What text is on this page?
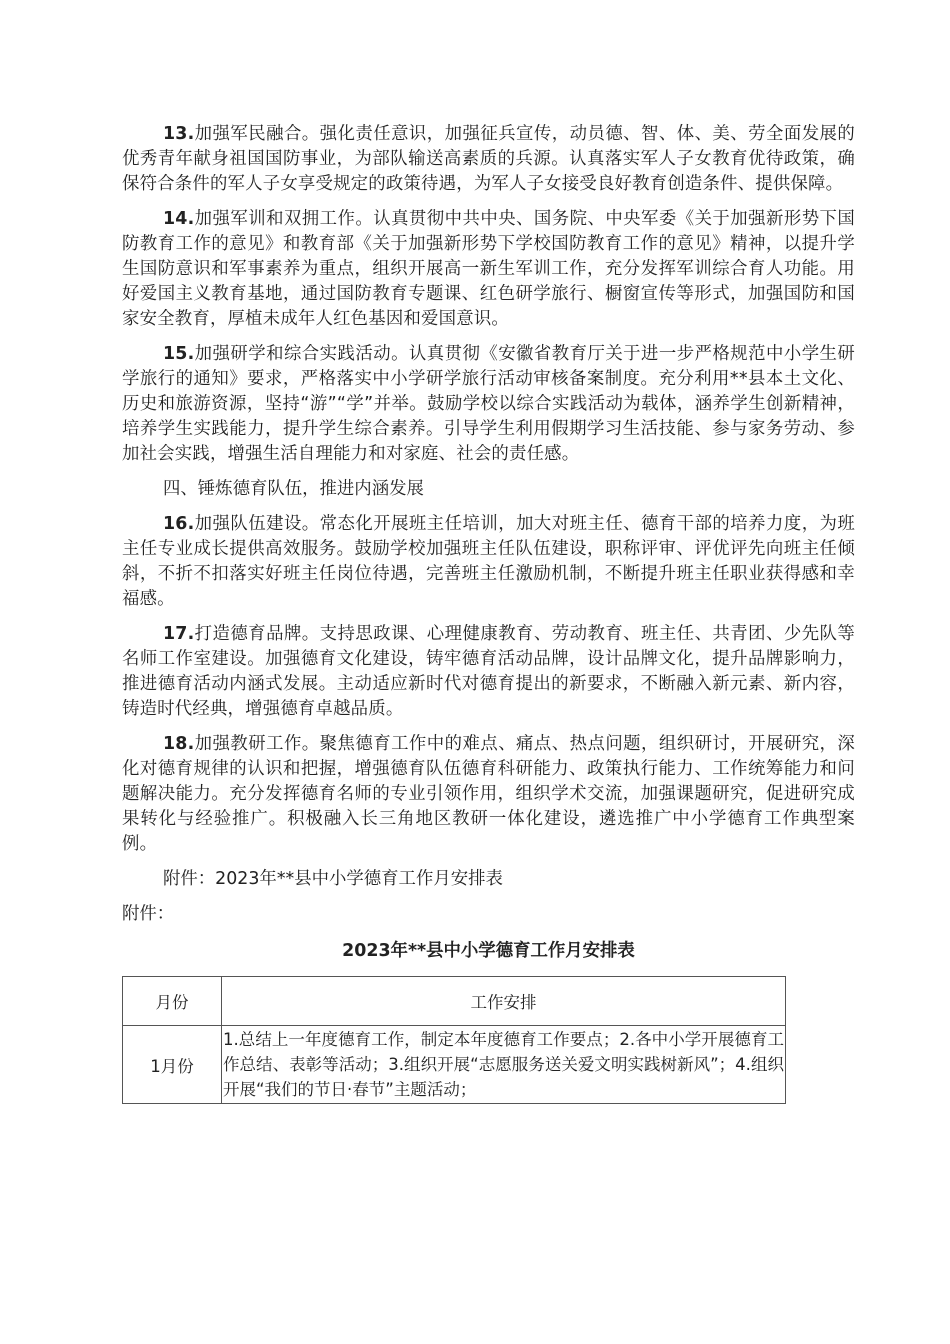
13.加强军民融合。强化责任意识，加强征兵宣传，动员德、智、体、美、劳全面发展的优秀青年献身祖国国防事业，为部队输送高素质的兵源。认真落实军人子女教育优待政策，确保符合条件的军人子女享受规定的政策待遇，为军人子女接受良好教育创造条件、提供保障。

14.加强军训和双拥工作。认真贯彻中共中央、国务院、中央军委《关于加强新形势下国防教育工作的意见》和教育部《关于加强新形势下学校国防教育工作的意见》精神，以提升学生国防意识和军事素养为重点，组织开展高一新生军训工作，充分发挥军训综合育人功能。用好爱国主义教育基地，通过国防教育专题课、红色研学旅行、橱窗宣传等形式，加强国防和国家安全教育，厚植未成年人红色基因和爱国意识。

15.加强研学和综合实践活动。认真贯彻《安徽省教育厅关于进一步严格规范中小学生研学旅行的通知》要求，严格落实中小学研学旅行活动审核备案制度。充分利用**县本土文化、历史和旅游资源，坚持“游”“学”并举。鼓励学校以综合实践活动为载体，涵养学生创新精神，培养学生实践能力，提升学生综合素养。引导学生利用假期学习生活技能、参与家务劳动、参加社会实践，增强生活自理能力和对家庭、社会的责任感。

四、锤炼德育队伍，推进内涵发展

16.加强队伍建设。常态化开展班主任培训，加大对班主任、德育干部的培养力度，为班主任专业成长提供高效服务。鼓励学校加强班主任队伍建设，职称评审、评优评先向班主任倾斜，不折不扣落实好班主任岗位待遇，完善班主任激励机制，不断提升班主任职业获得感和幸福感。

17.打造德育品牌。支持思政课、心理健康教育、劳动教育、班主任、共青团、少先队等名师工作室建设。加强德育文化建设，铸牢德育活动品牌，设计品牌文化，提升品牌影响力，推进德育活动内涵式发展。主动适应新时代对德育提出的新要求，不断融入新元素、新内容，铸造时代经典，增强德育卓越品质。

18.加强教研工作。聚焦德育工作中的难点、痛点、热点问题，组织研讨，开展研究，深化对德育规律的认识和把握，增强德育队伍德育科研能力、政策执行能力、工作统筹能力和问题解决能力。充分发挥德育名师的专业引领作用，组织学术交流，加强课题研究，促进研究成果转化与经验推广。积极融入长三角地区教研一体化建设，遴选推广中小学德育工作典型案例。

附件：2023年**县中小学德育工作月安排表

附件：

2023年**县中小学德育工作月安排表
月份	工作安排
1月份	1.总结上一年度德育工作，制定本年度德育工作要点；2.各中小学开展德育工作总结、表彰等活动；3.组织开展“志愿服务送关爱文明实践树新风”；4.组织开展“我们的节日·春节”主题活动；
